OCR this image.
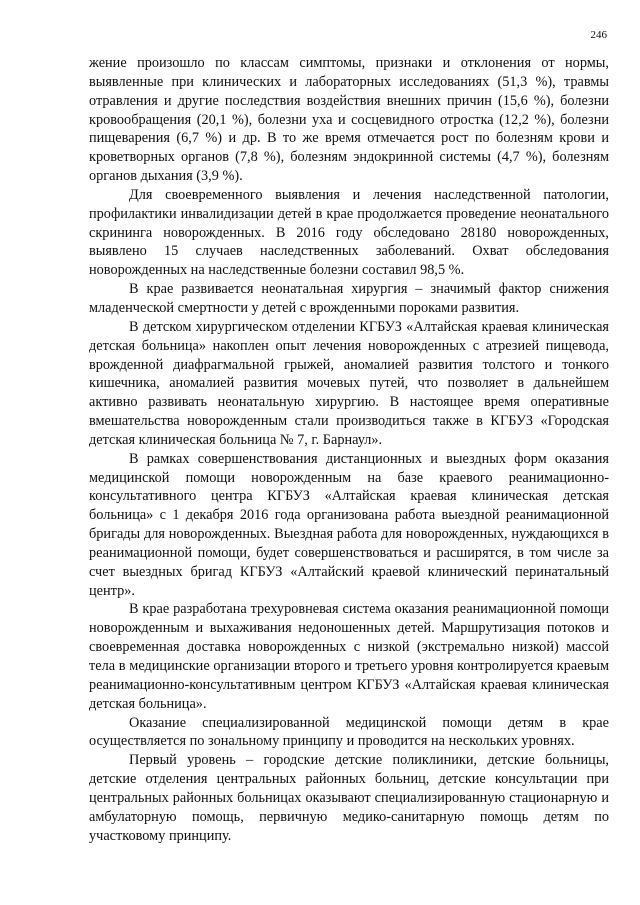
246

жение произошло по классам симптомы, признаки и отклонения от нормы, выявленные при клинических и лабораторных исследованиях (51,3 %), травмы отравления и другие последствия воздействия внешних причин (15,6 %), болезни кровообращения (20,1 %), болезни уха и сосцевидного отростка (12,2 %), болезни пищеварения (6,7 %) и др. В то же время отмечается рост по болезням крови и кроветворных органов (7,8 %), болезням эндокринной системы (4,7 %), болезням органов дыхания (3,9 %).

Для своевременного выявления и лечения наследственной патологии, профилактики инвалидизации детей в крае продолжается проведение неонатального скрининга новорожденных. В 2016 году обследовано 28180 новорожденных, выявлено 15 случаев наследственных заболеваний. Охват обследования новорожденных на наследственные болезни составил 98,5 %.

В крае развивается неонатальная хирургия – значимый фактор снижения младенческой смертности у детей с врожденными пороками развития.

В детском хирургическом отделении КГБУЗ «Алтайская краевая клиническая детская больница» накоплен опыт лечения новорожденных с атрезией пищевода, врожденной диафрагмальной грыжей, аномалией развития толстого и тонкого кишечника, аномалией развития мочевых путей, что позволяет в дальнейшем активно развивать неонатальную хирургию. В настоящее время оперативные вмешательства новорожденным стали производиться также в КГБУЗ «Городская детская клиническая больница № 7, г. Барнаул».

В рамках совершенствования дистанционных и выездных форм оказания медицинской помощи новорожденным на базе краевого реанимационно-консультативного центра КГБУЗ «Алтайская краевая клиническая детская больница» с 1 декабря 2016 года организована работа выездной реанимационной бригады для новорожденных. Выездная работа для новорожденных, нуждающихся в реанимационной помощи, будет совершенствоваться и расширятся, в том числе за счет выездных бригад КГБУЗ «Алтайский краевой клинический перинатальный центр».

В крае разработана трехуровневая система оказания реанимационной помощи новорожденным и выхаживания недоношенных детей. Маршрутизация потоков и своевременная доставка новорожденных с низкой (экстремально низкой) массой тела в медицинские организации второго и третьего уровня контролируется краевым реанимационно-консультативным центром КГБУЗ «Алтайская краевая клиническая детская больница».

Оказание специализированной медицинской помощи детям в крае осуществляется по зональному принципу и проводится на нескольких уровнях.

Первый уровень – городские детские поликлиники, детские больницы, детские отделения центральных районных больниц, детские консультации при центральных районных больницах оказывают специализированную стационарную и амбулаторную помощь, первичную медико-санитарную помощь детям по участковому принципу.
